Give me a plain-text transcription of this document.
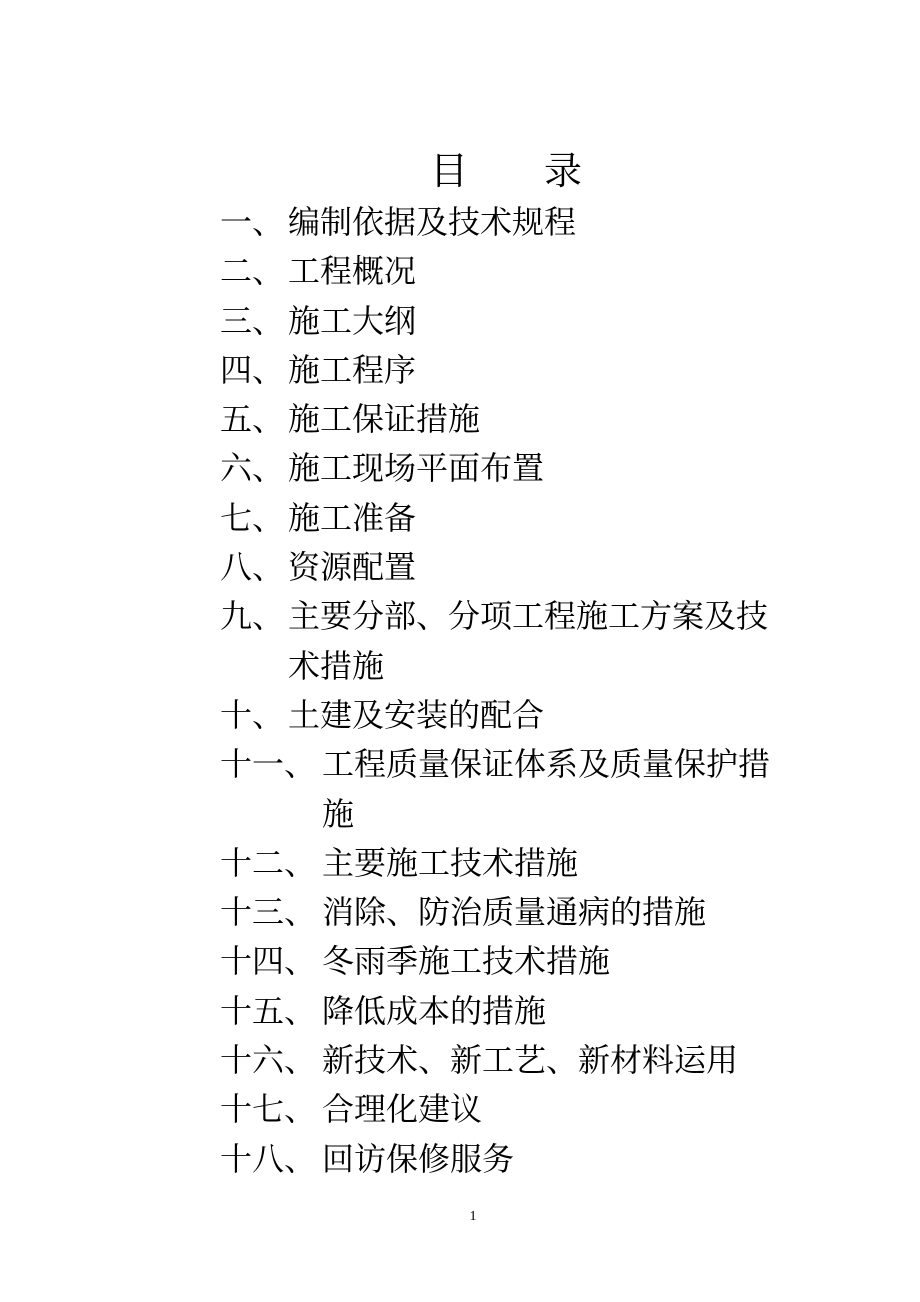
目　　录
一、 编制依据及技术规程
二、 工程概况
三、 施工大纲
四、 施工程序
五、 施工保证措施
六、 施工现场平面布置
七、 施工准备
八、 资源配置
九、 主要分部、分项工程施工方案及技术措施
十、 土建及安装的配合
十一、 工程质量保证体系及质量保护措施
十二、 主要施工技术措施
十三、 消除、防治质量通病的措施
十四、 冬雨季施工技术措施
十五、 降低成本的措施
十六、 新技术、新工艺、新材料运用
十七、 合理化建议
十八、 回访保修服务
1
